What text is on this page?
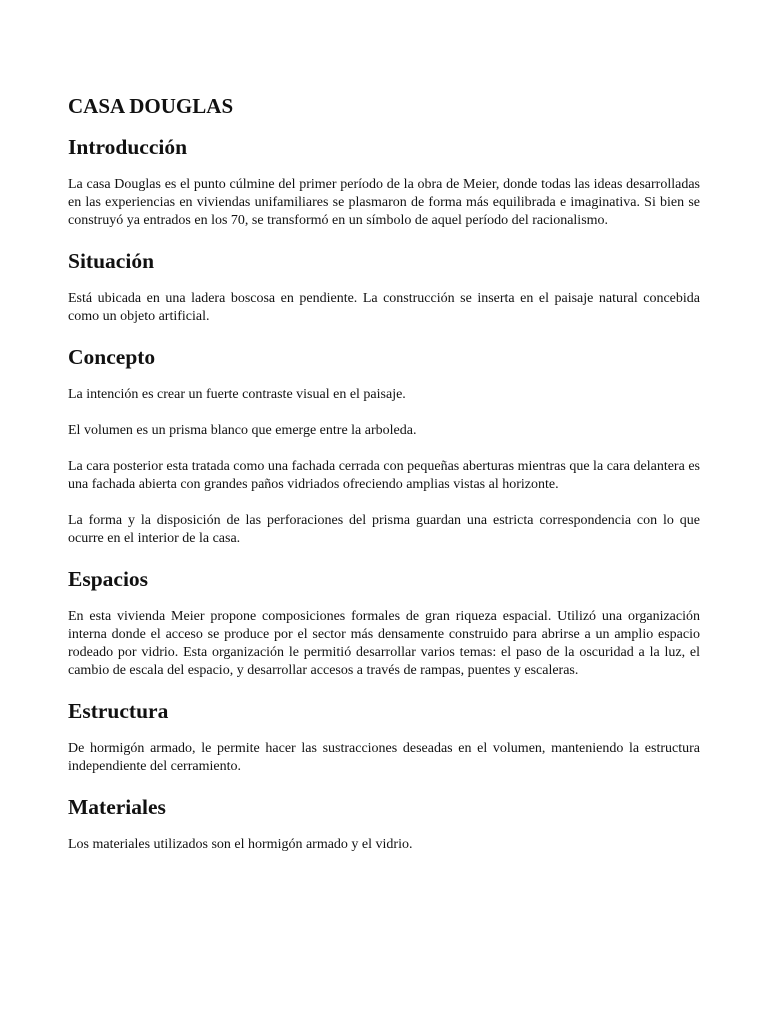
CASA DOUGLAS
Introducción

La casa Douglas es el punto cúlmine del primer período de la obra de Meier, donde todas las ideas desarrolladas en las experiencias en viviendas unifamiliares se plasmaron de forma más equilibrada e imaginativa. Si bien se construyó ya entrados en los 70, se transformó en un símbolo de aquel período del racionalismo.

Situación

Está ubicada en una ladera boscosa en pendiente. La construcción se inserta en el paisaje natural concebida como un objeto artificial.

Concepto

La intención es crear un fuerte contraste visual en el paisaje.

El volumen es un prisma blanco que emerge entre la arboleda.

La cara posterior esta tratada como una fachada cerrada con pequeñas aberturas mientras que la cara delantera es una fachada abierta con grandes paños vidriados ofreciendo amplias vistas al horizonte.

La forma y la disposición de las perforaciones del prisma guardan una estricta correspondencia con lo que ocurre en el interior de la casa.

Espacios

En esta vivienda Meier propone composiciones formales de gran riqueza espacial. Utilizó una organización interna donde el acceso se produce por el sector más densamente construido para abrirse a un amplio espacio rodeado por vidrio. Esta organización le permitió desarrollar varios temas: el paso de la oscuridad a la luz, el cambio de escala del espacio, y desarrollar accesos a través de rampas, puentes y escaleras.

Estructura

De hormigón armado, le permite hacer las sustracciones deseadas en el volumen, manteniendo la estructura independiente del cerramiento.

Materiales

Los materiales utilizados son el hormigón armado y el vidrio.
